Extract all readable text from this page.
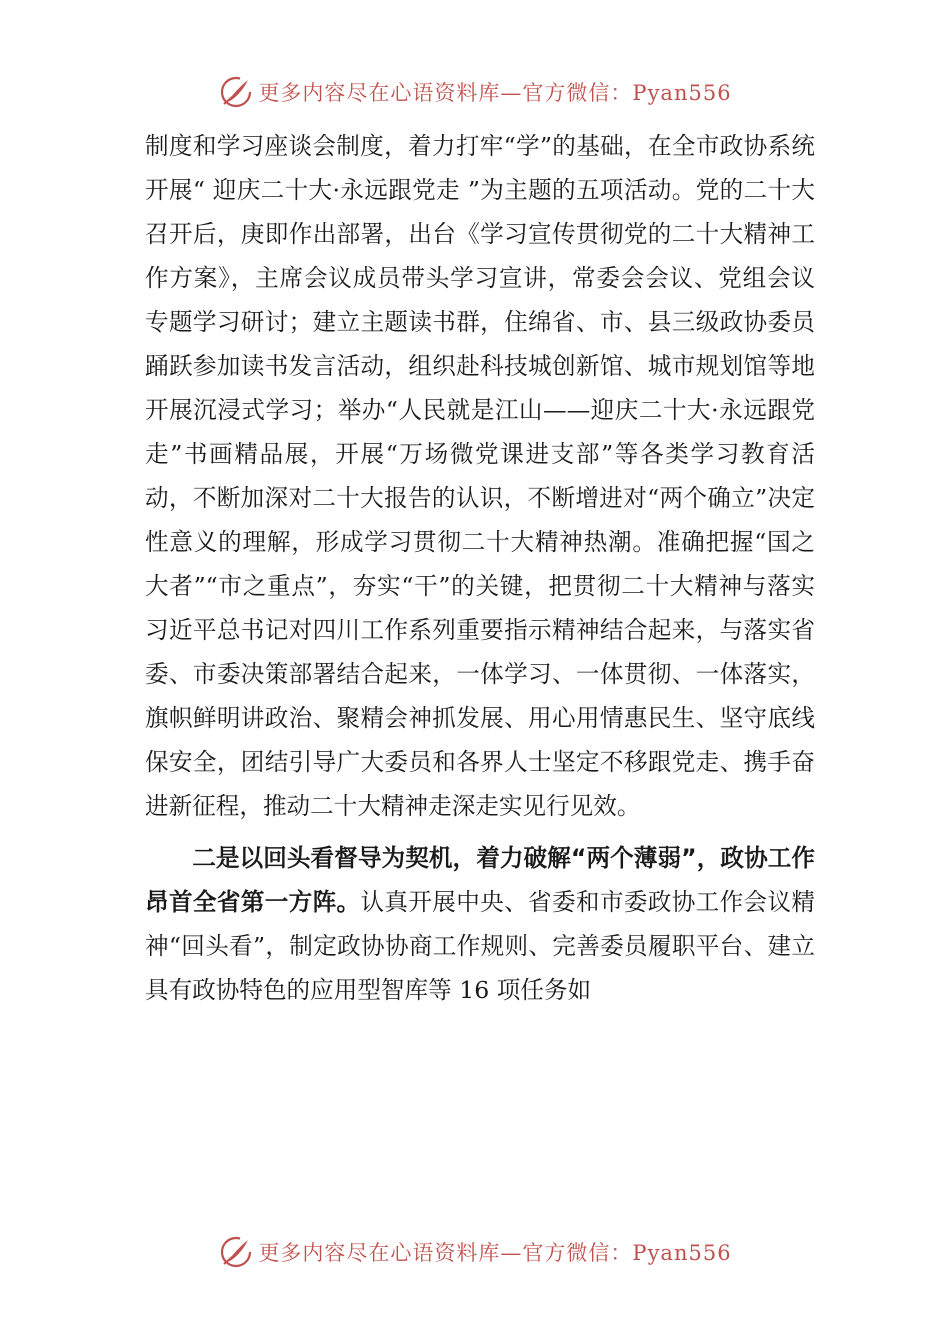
更多内容尽在心语资料库—官方微信：Pyan556

制度和学习座谈会制度，着力打牢“学”的基础，在全市政协系统开展“ 迎庆二十大·永远跟党走 ”为主题的五项活动。党的二十大召开后，庚即作出部署，出台《学习宣传贯彻党的二十大精神工作方案》，主席会议成员带头学习宣讲，常委会会议、党组会议专题学习研讨；建立主题读书群，住绵省、市、县三级政协委员踊跃参加读书发言活动，组织赴科技城创新馆、城市规划馆等地开展沉浸式学习；举办“人民就是江山——迎庆二十大·永远跟党走”书画精品展，开展“万场微党课进支部”等各类学习教育活动，不断加深对二十大报告的认识，不断增进对“两个确立”决定性意义的理解，形成学习贯彻二十大精神热潮。准确把握“国之大者”“市之重点”，夯实“干”的关键，把贯彻二十大精神与落实习近平总书记对四川工作系列重要指示精神结合起来，与落实省委、市委决策部署结合起来，一体学习、一体贯彻、一体落实，旗帜鲜明讲政治、聚精会神抓发展、用心用情惠民生、坚守底线保安全，团结引导广大委员和各界人士坚定不移跟党走、携手奋进新征程，推动二十大精神走深走实见行见效。

二是以回头看督导为契机，着力破解“两个薄弱”，政协工作昂首全省第一方阵。认真开展中央、省委和市委政协工作会议精神“回头看”，制定政协协商工作规则、完善委员履职平台、建立具有政协特色的应用型智库等 16 项任务如

更多内容尽在心语资料库—官方微信：Pyan556
